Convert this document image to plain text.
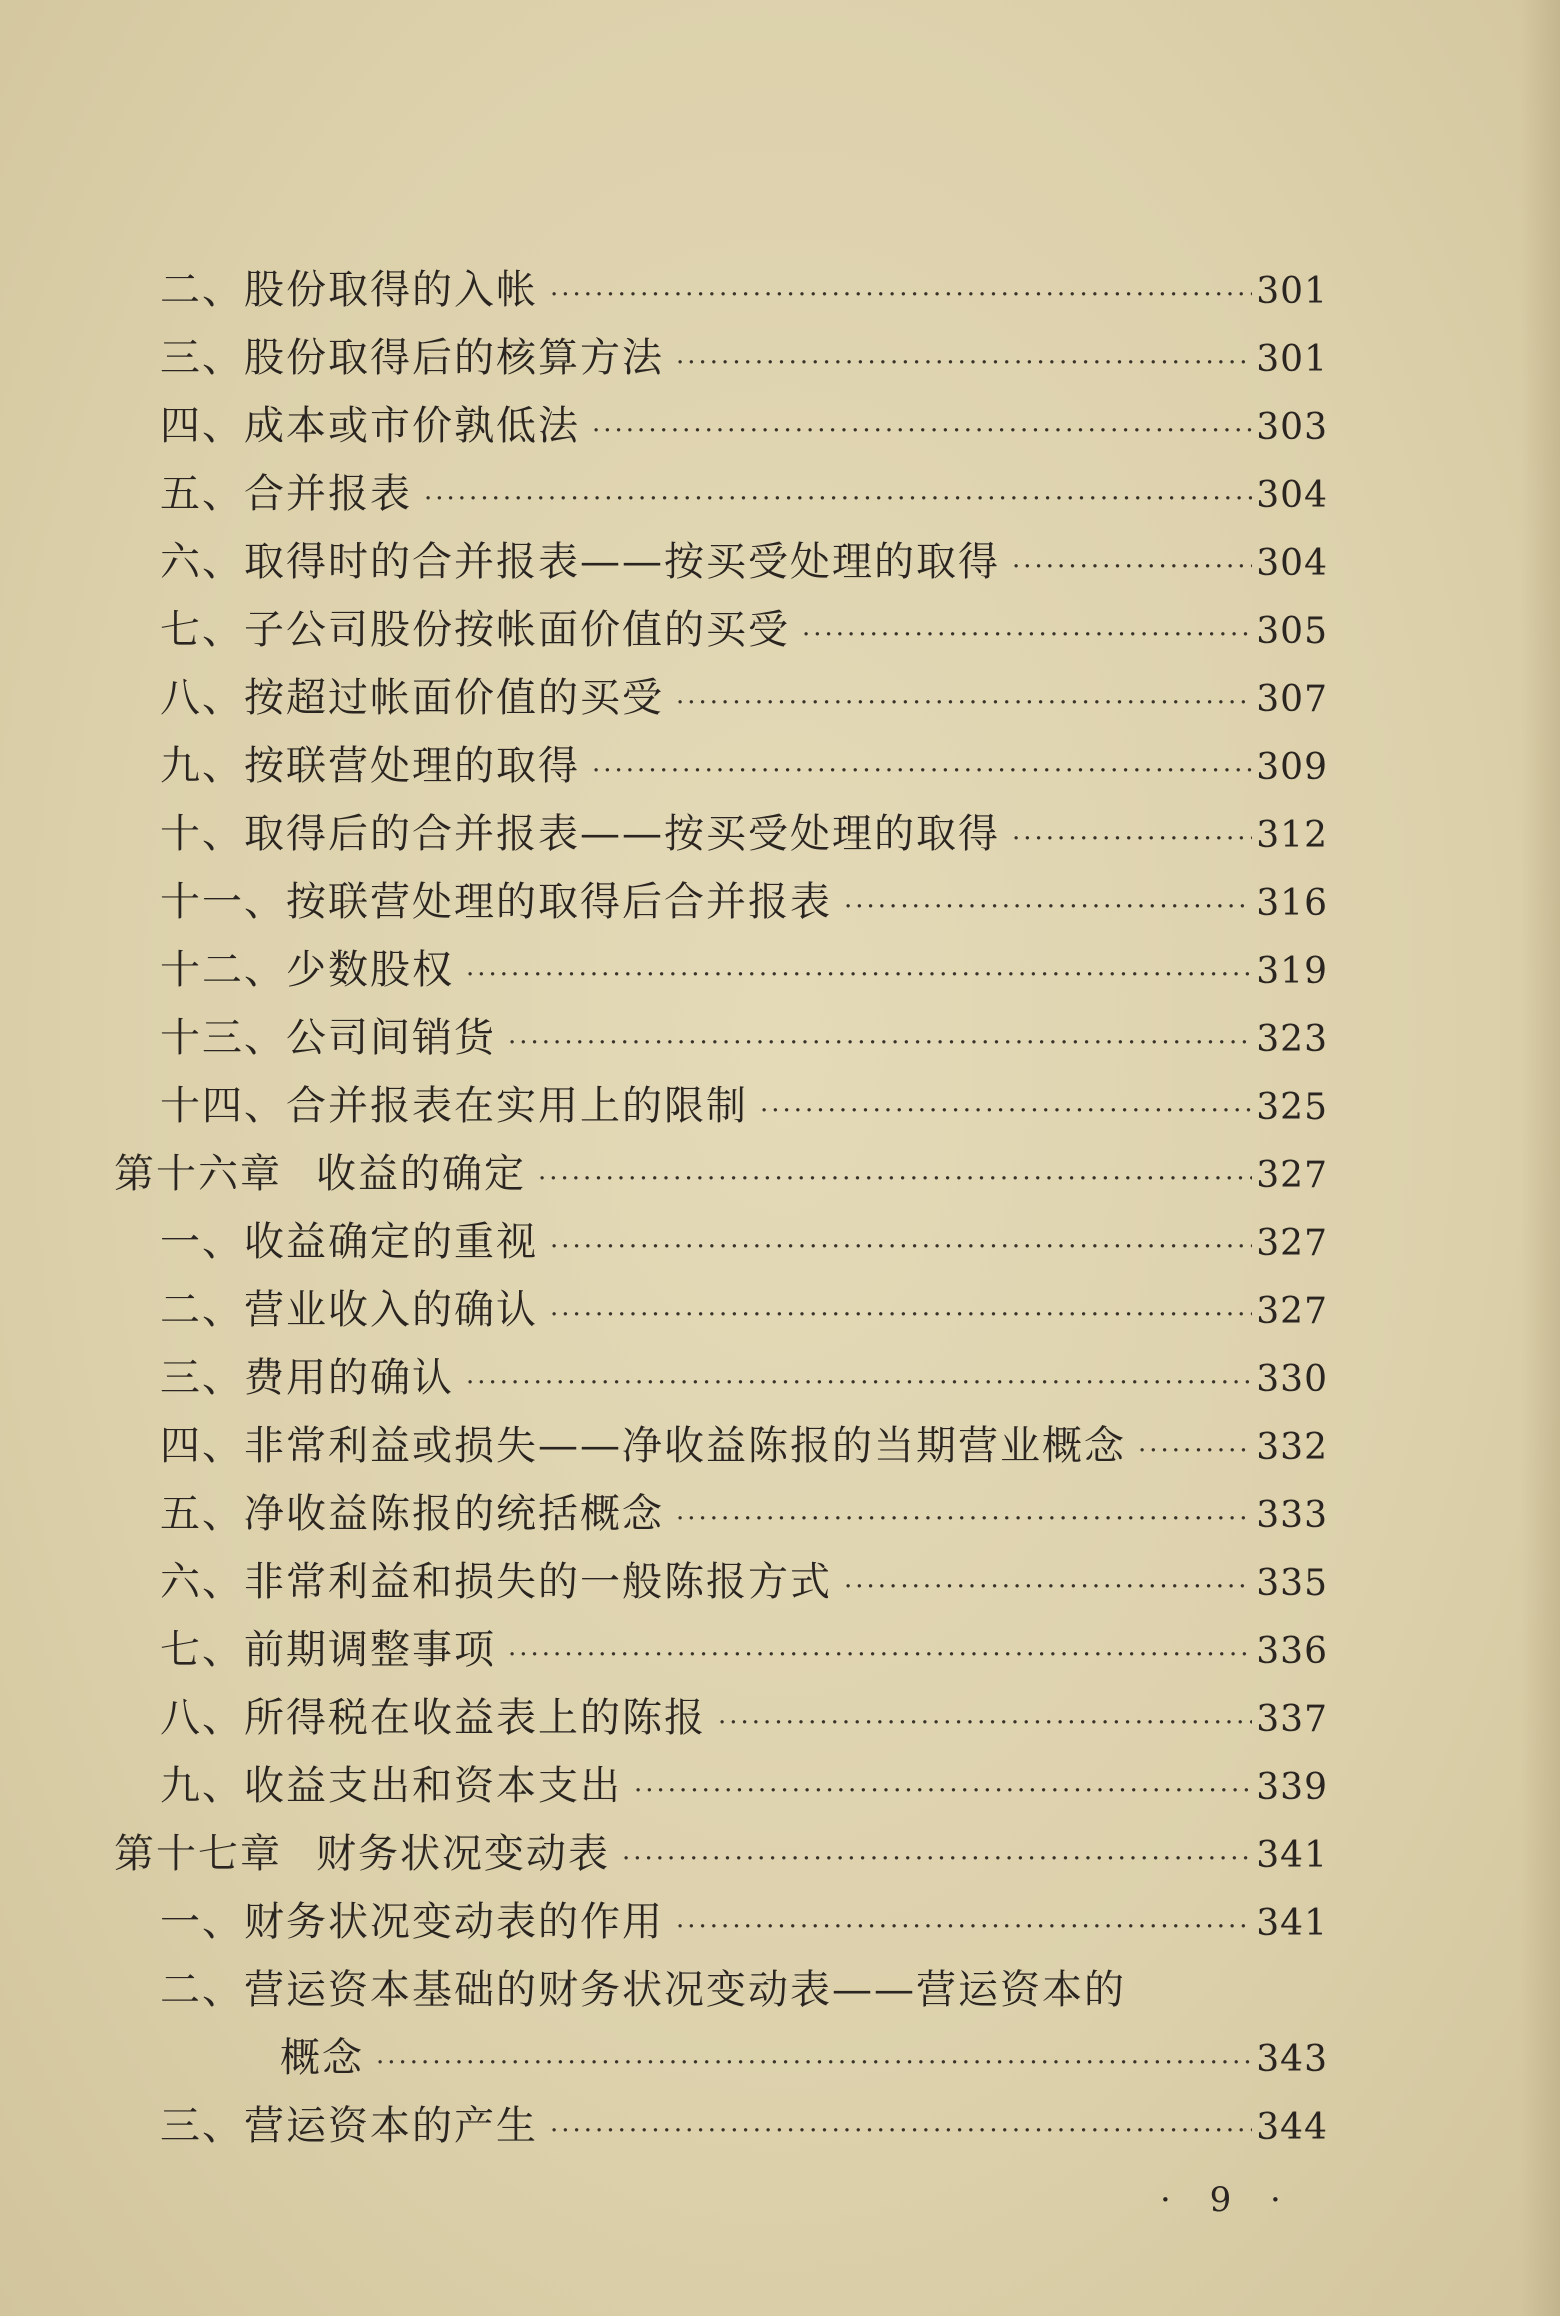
二、股份取得的入帐 ·····	301
三、股份取得后的核算方法 ·····	301
四、成本或市价孰低法 ·····	303
五、合并报表 ·····	304
六、取得时的合并报表——按买受处理的取得 ·····	304
七、子公司股份按帐面价值的买受 ·····	305
八、按超过帐面价值的买受 ·····	307
九、按联营处理的取得 ·····	309
十、取得后的合并报表——按买受处理的取得 ·····	312
十一、按联营处理的取得后合并报表 ·····	316
十二、少数股权 ·····	319
十三、公司间销货 ·····	323
十四、合并报表在实用上的限制 ·····	325
第十六章 收益的确定 ·····	327
一、收益确定的重视 ·····	327
二、营业收入的确认 ·····	327
三、费用的确认 ·····	330
四、非常利益或损失——净收益陈报的当期营业概念 ·····	332
五、净收益陈报的统括概念 ·····	333
六、非常利益和损失的一般陈报方式 ·····	335
七、前期调整事项 ·····	336
八、所得税在收益表上的陈报 ·····	337
九、收益支出和资本支出 ·····	339
第十七章 财务状况变动表 ·····	341
一、财务状况变动表的作用 ·····	341
二、营运资本基础的财务状况变动表——营运资本的
概念 ·····	343
三、营运资本的产生 ·····	344
· 9 ·
